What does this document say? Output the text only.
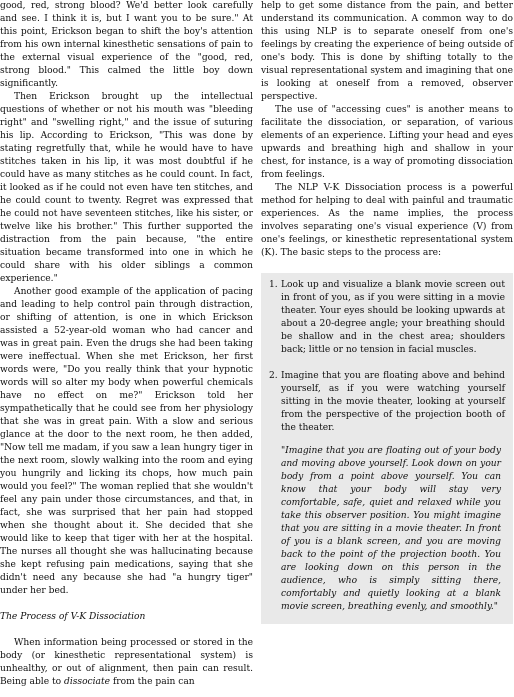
good, red, strong blood? We'd better look carefully and see. I think it is, but I want you to be sure." At this point, Erickson began to shift the boy's attention from his own internal kinesthetic sensations of pain to the external visual experience of the "good, red, strong blood." This calmed the little boy down significantly.

Then Erickson brought up the intellectual questions of whether or not his mouth was "bleeding right" and "swelling right," and the issue of suturing his lip. According to Erickson, "This was done by stating regretfully that, while he would have to have stitches taken in his lip, it was most doubtful if he could have as many stitches as he could count. In fact, it looked as if he could not even have ten stitches, and he could count to twenty. Regret was expressed that he could not have seventeen stitches, like his sister, or twelve like his brother." This further supported the distraction from the pain because, "the entire situation became transformed into one in which he could share with his older siblings a common experience."

Another good example of the application of pacing and leading to help control pain through distraction, or shifting of attention, is one in which Erickson assisted a 52-year-old woman who had cancer and was in great pain. Even the drugs she had been taking were ineffectual. When she met Erickson, her first words were, "Do you really think that your hypnotic words will so alter my body when powerful chemicals have no effect on me?" Erickson told her sympathetically that he could see from her physiology that she was in great pain. With a slow and serious glance at the door to the next room, he then added, "Now tell me madam, if you saw a lean hungry tiger in the next room, slowly walking into the room and eying you hungrily and licking its chops, how much pain would you feel?" The woman replied that she wouldn't feel any pain under those circumstances, and that, in fact, she was surprised that her pain had stopped when she thought about it. She decided that she would like to keep that tiger with her at the hospital. The nurses all thought she was hallucinating because she kept refusing pain medications, saying that she didn't need any because she had "a hungry tiger" under her bed.

The Process of V-K Dissociation

When information being processed or stored in the body (or kinesthetic representational system) is unhealthy, or out of alignment, then pain can result. Being able to dissociate from the pain can

help to get some distance from the pain, and better understand its communication. A common way to do this using NLP is to separate oneself from one's feelings by creating the experience of being outside of one's body. This is done by shifting totally to the visual representational system and imagining that one is looking at oneself from a removed, observer perspective.

The use of "accessing cues" is another means to facilitate the dissociation, or separation, of various elements of an experience. Lifting your head and eyes upwards and breathing high and shallow in your chest, for instance, is a way of promoting dissociation from feelings.

The NLP V-K Dissociation process is a powerful method for helping to deal with painful and traumatic experiences. As the name implies, the process involves separating one's visual experience (V) from one's feelings, or kinesthetic representational system (K). The basic steps to the process are:

1. Look up and visualize a blank movie screen out in front of you, as if you were sitting in a movie theater. Your eyes should be looking upwards at about a 20-degree angle; your breathing should be shallow and in the chest area; shoulders back; little or no tension in facial muscles.
2. Imagine that you are floating above and behind yourself, as if you were watching yourself sitting in the movie theater, looking at yourself from the perspective of the projection booth of the theater.
"Imagine that you are floating out of your body and moving above yourself. Look down on your body from a point above yourself. You can know that your body will stay very comfortable, safe, quiet and relaxed while you take this observer position. You might imagine that you are sitting in a movie theater. In front of you is a blank screen, and you are moving back to the point of the projection booth. You are looking down on this person in the audience, who is simply sitting there, comfortably and quietly looking at a blank movie screen, breathing evenly, and smoothly."
